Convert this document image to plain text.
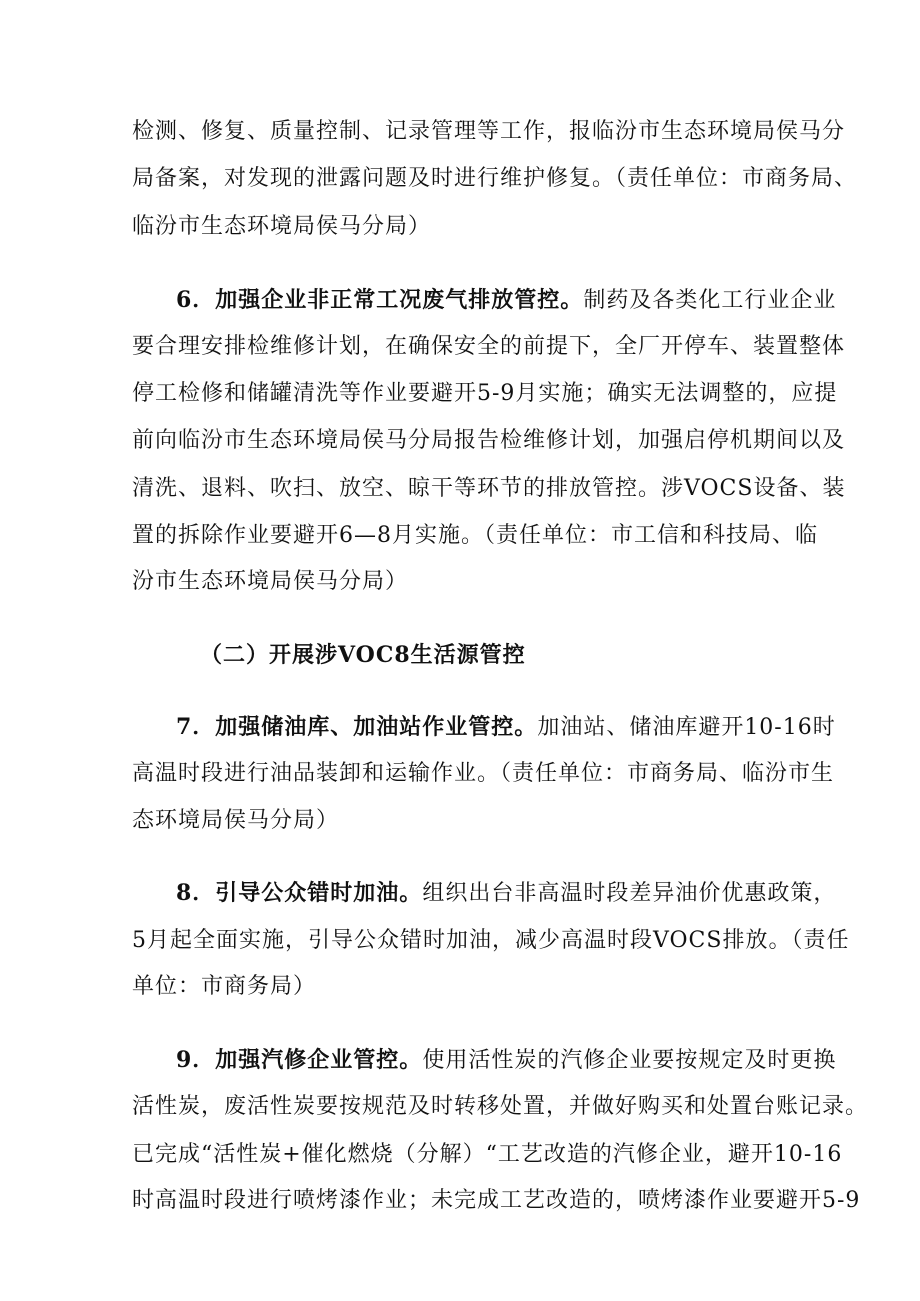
检测、修复、质量控制、记录管理等工作，报临汾市生态环境局侯马分
局备案，对发现的泄露问题及时进行维护修复。（责任单位：市商务局、
临汾市生态环境局侯马分局）
6．加强企业非正常工况废气排放管控。制药及各类化工行业企业
要合理安排检维修计划，在确保安全的前提下，全厂开停车、装置整体
停工检修和储罐清洗等作业要避开5-9月实施；确实无法调整的，应提
前向临汾市生态环境局侯马分局报告检维修计划，加强启停机期间以及
清洗、退料、吹扫、放空、晾干等环节的排放管控。涉VOCS设备、装
置的拆除作业要避开6—8月实施。（责任单位：市工信和科技局、临
汾市生态环境局侯马分局）
（二）开展涉VOC8生活源管控
7．加强储油库、加油站作业管控。加油站、储油库避开10-16时
高温时段进行油品装卸和运输作业。（责任单位：市商务局、临汾市生
态环境局侯马分局）
8．引导公众错时加油。组织出台非高温时段差异油价优惠政策，
5月起全面实施，引导公众错时加油，减少高温时段VOCS排放。（责任
单位：市商务局）
9．加强汽修企业管控。使用活性炭的汽修企业要按规定及时更换
活性炭，废活性炭要按规范及时转移处置，并做好购买和处置台账记录。
已完成“活性炭+催化燃烧（分解）“工艺改造的汽修企业，避开10-16
时高温时段进行喷烤漆作业；未完成工艺改造的，喷烤漆作业要避开5-9
